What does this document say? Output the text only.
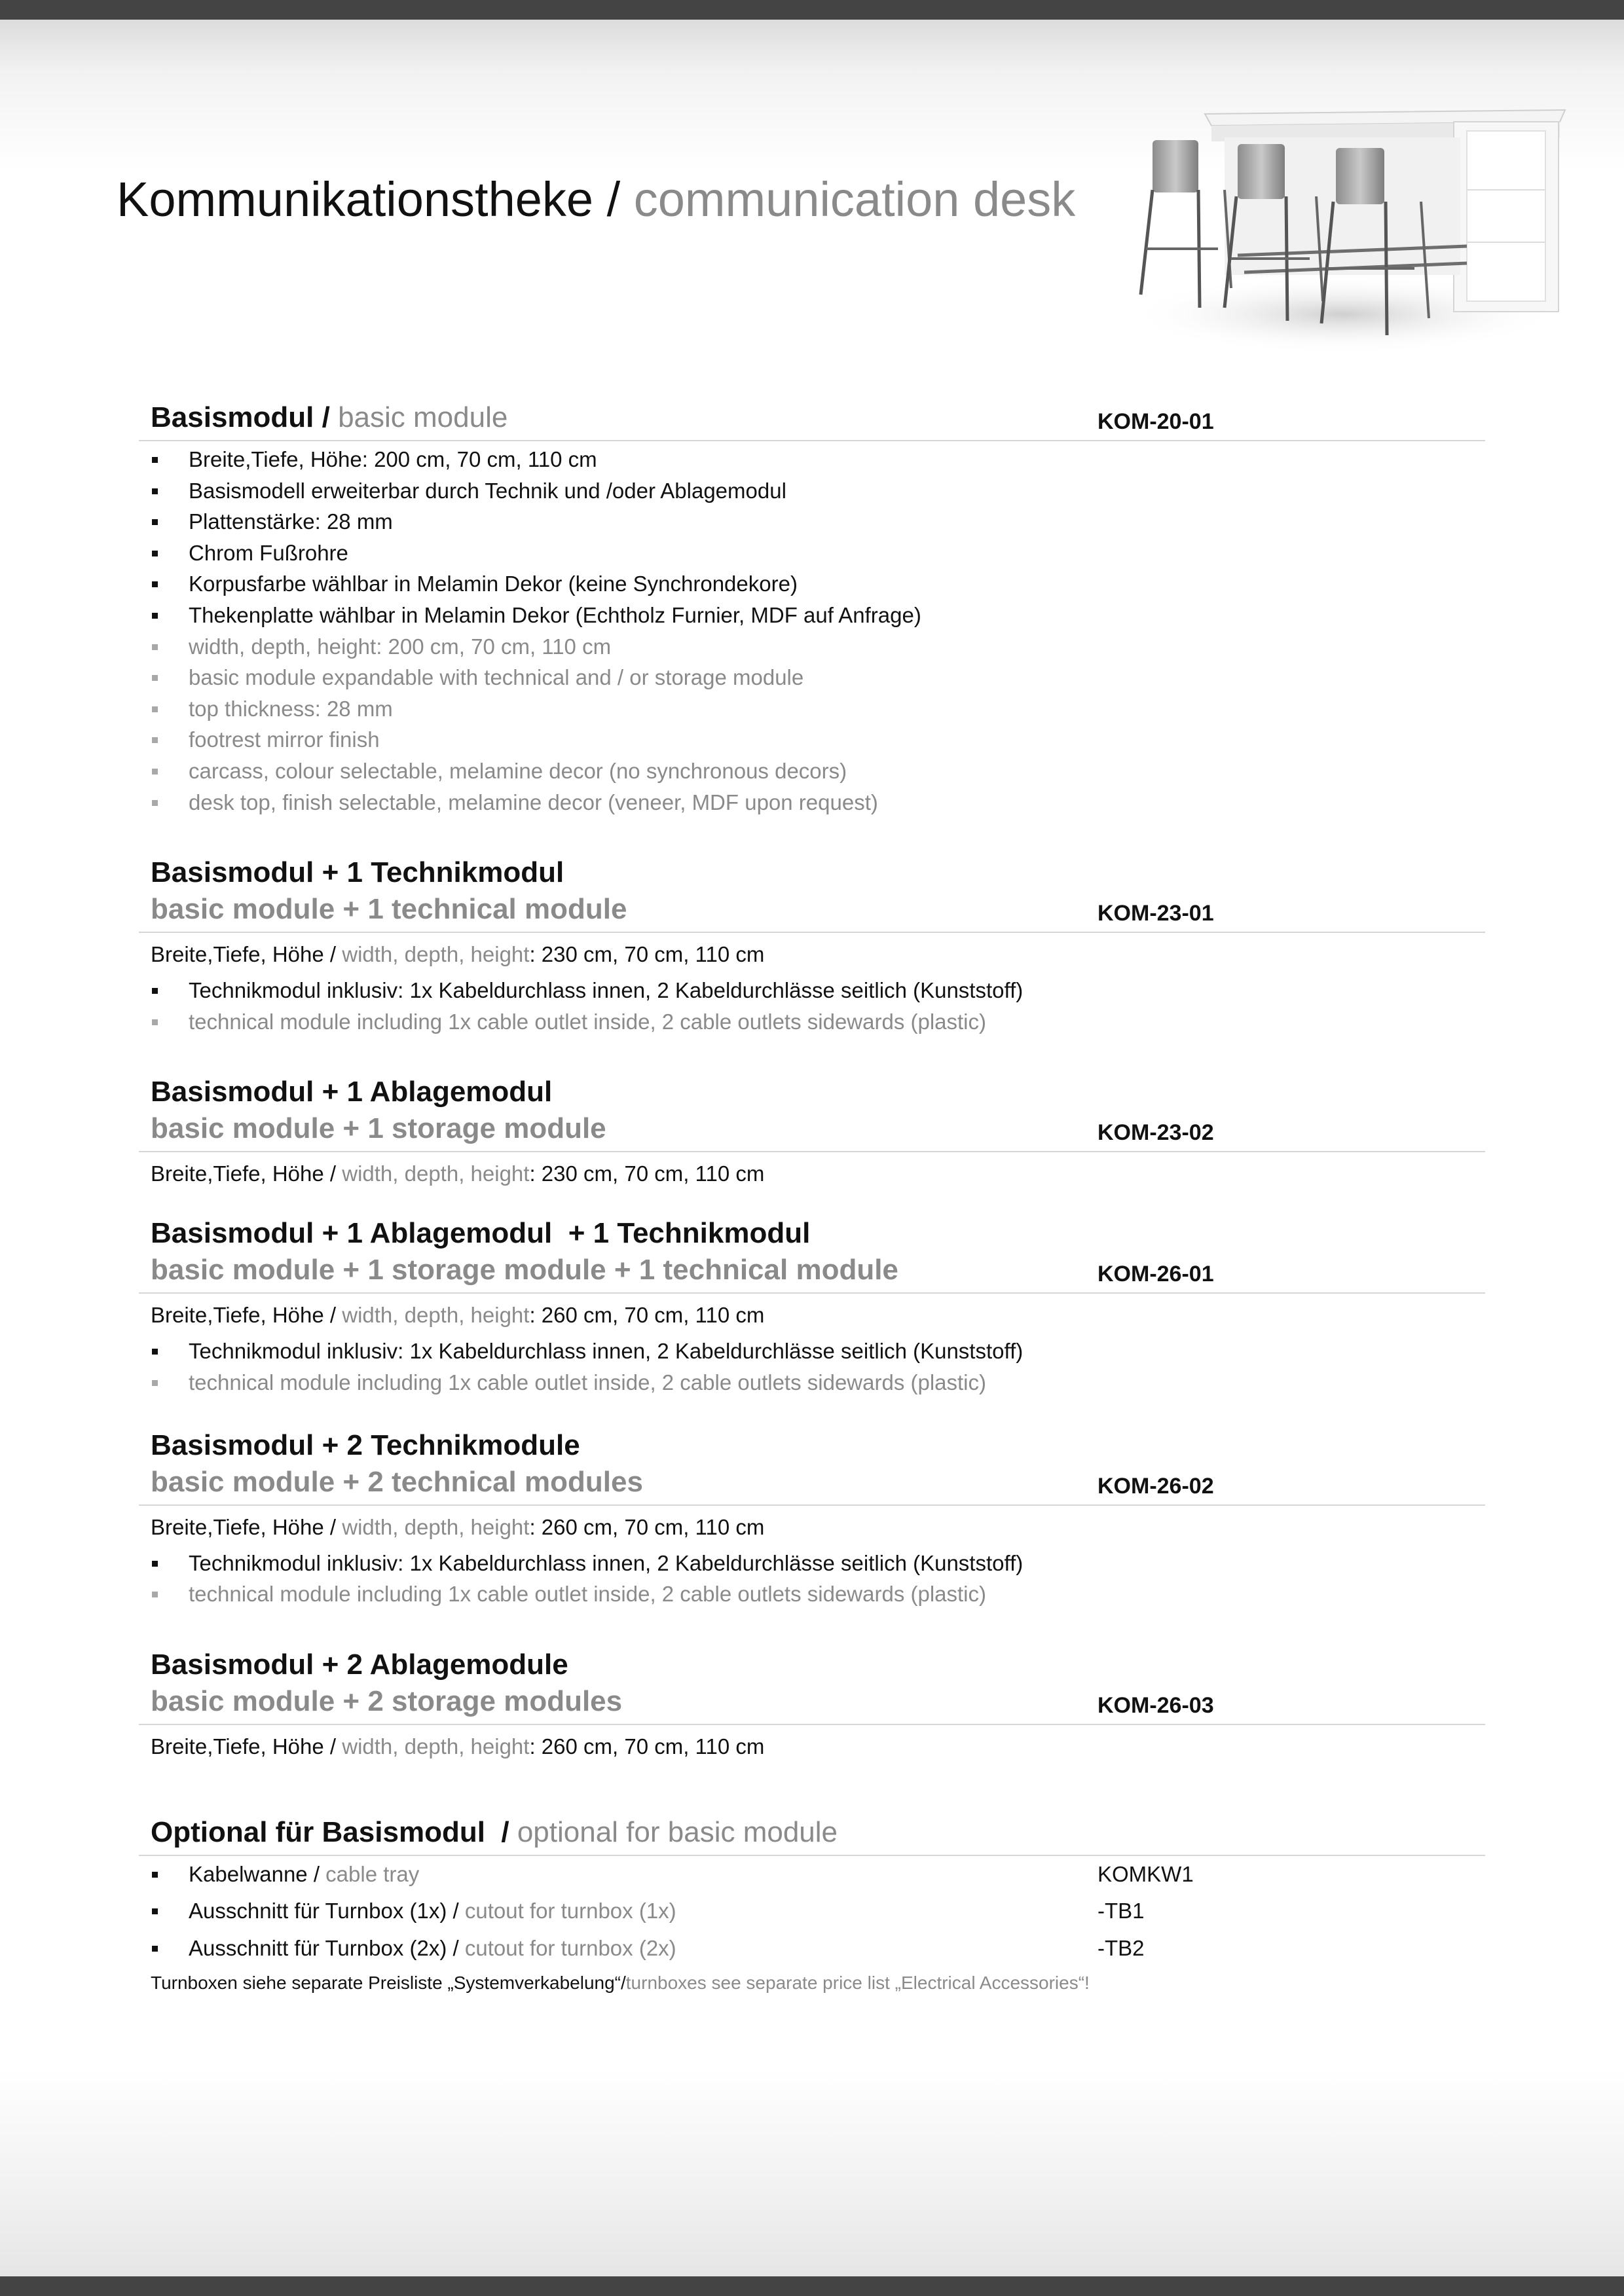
Kommunikationstheke / communication desk
Basismodul / basic module	KOM-20-01
Breite,Tiefe, Höhe: 200 cm, 70 cm, 110 cm
Basismodell erweiterbar durch Technik und /oder Ablagemodul
Plattenstärke: 28 mm
Chrom Fußrohre
Korpusfarbe wählbar in Melamin Dekor (keine Synchrondekore)
Thekenplatte wählbar in Melamin Dekor (Echtholz Furnier, MDF auf Anfrage)
width, depth, height: 200 cm, 70 cm, 110 cm
basic module expandable with technical and / or storage module
top thickness: 28 mm
footrest mirror finish
carcass, colour selectable, melamine decor (no synchronous decors)
desk top, finish selectable, melamine decor (veneer, MDF upon request)
Basismodul + 1 Technikmodul
basic module + 1 technical module	KOM-23-01
Breite,Tiefe, Höhe / width, depth, height: 230 cm, 70 cm, 110 cm
Technikmodul inklusiv: 1x Kabeldurchlass innen, 2 Kabeldurchlässe seitlich (Kunststoff)
technical module including 1x cable outlet inside, 2 cable outlets sidewards (plastic)
Basismodul + 1 Ablagemodul
basic module + 1 storage module	KOM-23-02
Breite,Tiefe, Höhe / width, depth, height: 230 cm, 70 cm, 110 cm
Basismodul + 1 Ablagemodul  + 1 Technikmodul
basic module + 1 storage module + 1 technical module	KOM-26-01
Breite,Tiefe, Höhe / width, depth, height: 260 cm, 70 cm, 110 cm
Technikmodul inklusiv: 1x Kabeldurchlass innen, 2 Kabeldurchlässe seitlich (Kunststoff)
technical module including 1x cable outlet inside, 2 cable outlets sidewards (plastic)
Basismodul + 2 Technikmodule
basic module + 2 technical modules	KOM-26-02
Breite,Tiefe, Höhe / width, depth, height: 260 cm, 70 cm, 110 cm
Technikmodul inklusiv: 1x Kabeldurchlass innen, 2 Kabeldurchlässe seitlich (Kunststoff)
technical module including 1x cable outlet inside, 2 cable outlets sidewards (plastic)
Basismodul + 2 Ablagemodule
basic module + 2 storage modules	KOM-26-03
Breite,Tiefe, Höhe / width, depth, height: 260 cm, 70 cm, 110 cm
Optional für Basismodul  / optional for basic module
Kabelwanne / cable tray	KOMKW1
Ausschnitt für Turnbox (1x) / cutout for turnbox (1x)	-TB1
Ausschnitt für Turnbox (2x) / cutout for turnbox (2x)	-TB2
Turnboxen siehe separate Preisliste „Systemverkabelung“/turnboxes see separate price list „Electrical Accessories“!
